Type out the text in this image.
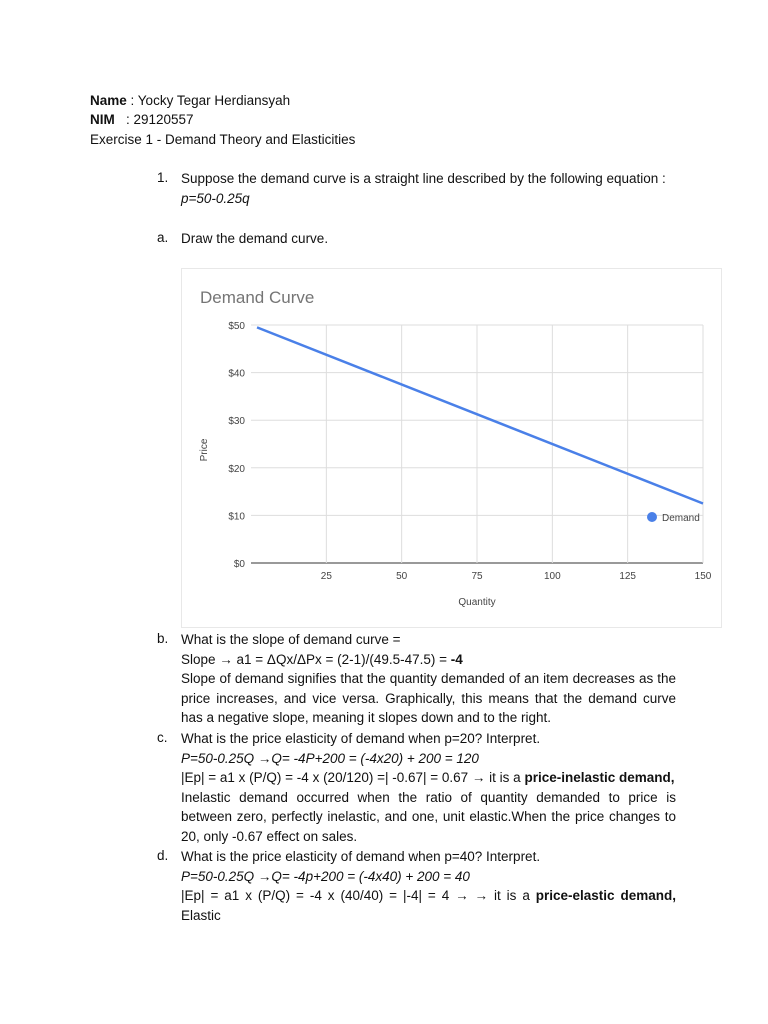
Name : Yocky Tegar Herdiansyah
NIM   : 29120557
Exercise 1 - Demand Theory and Elasticities
1. Suppose the demand curve is a straight line described by the following equation :
p=50-0.25q
a. Draw the demand curve.
Demand Curve
$0
$10
$20
$30
$40
$50
25	50	75	100	125	150
Quantity
Price
Demand
b. What is the slope of demand curve =
Slope → a1 = ΔQx/ΔPx = (2-1)/(49.5-47.5) = -4
Slope of demand signifies that the quantity demanded of an item decreases as the price increases, and vice versa. Graphically, this means that the demand curve has a negative slope, meaning it slopes down and to the right.
c. What is the price elasticity of demand when p=20? Interpret.
P=50-0.25Q →Q= -4P+200 = (-4x20) + 200 = 120
|Ep| = a1 x (P/Q) = -4 x (20/120) =| -0.67| = 0.67 → it is a price-inelastic demand,
Inelastic demand occurred when the ratio of quantity demanded to price is between zero, perfectly inelastic, and one, unit elastic.When the price changes to 20, only -0.67 effect on sales.
d. What is the price elasticity of demand when p=40? Interpret.
P=50-0.25Q →Q= -4p+200 = (-4x40) + 200 = 40
|Ep| = a1 x (P/Q) = -4 x (40/40) = |-4| = 4 → → it is a price-elastic demand, Elastic
